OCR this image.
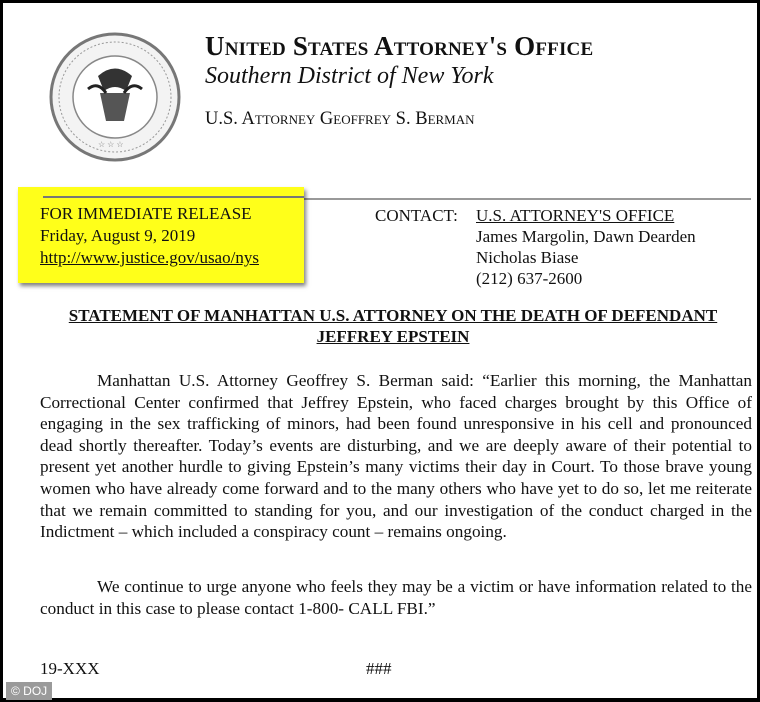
☆ ☆ ☆
United States Attorney's Office
Southern District of New York
U.S. Attorney Geoffrey S. Berman
FOR IMMEDIATE RELEASE
Friday, August 9, 2019
http://www.justice.gov/usao/nys
CONTACT: U.S. ATTORNEY'S OFFICE
James Margolin, Dawn Dearden
Nicholas Biase
(212) 637-2600
STATEMENT OF MANHATTAN U.S. ATTORNEY ON THE DEATH OF DEFENDANT
JEFFREY EPSTEIN
Manhattan U.S. Attorney Geoffrey S. Berman said: “Earlier this morning, the Manhattan Correctional Center confirmed that Jeffrey Epstein, who faced charges brought by this Office of engaging in the sex trafficking of minors, had been found unresponsive in his cell and pronounced dead shortly thereafter. Today’s events are disturbing, and we are deeply aware of their potential to present yet another hurdle to giving Epstein’s many victims their day in Court. To those brave young women who have already come forward and to the many others who have yet to do so, let me reiterate that we remain committed to standing for you, and our investigation of the conduct charged in the Indictment – which included a conspiracy count – remains ongoing.
We continue to urge anyone who feels they may be a victim or have information related to the conduct in this case to please contact 1-800- CALL FBI.”
19-XXX	###
© DOJ
